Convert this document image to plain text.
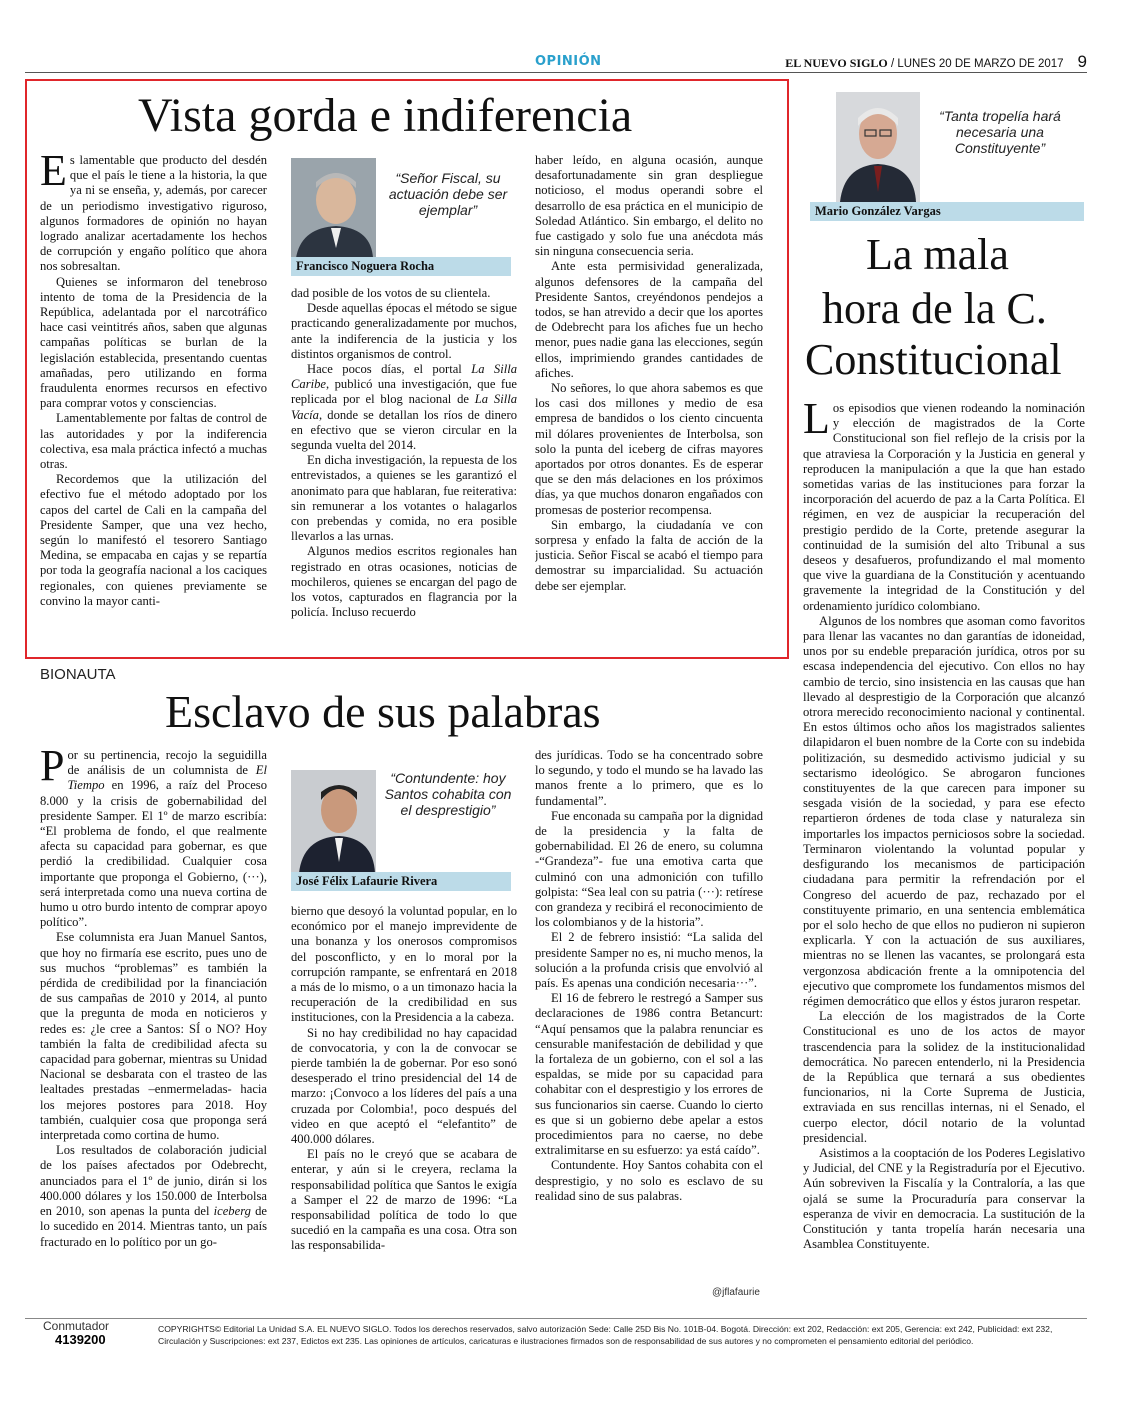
OPINIÓN	EL NUEVO SIGLO / LUNES 20 DE MARZO DE 2017 9
Vista gorda e indiferencia

Es lamentable que producto del desdén que el país le tiene a la historia, la que ya ni se enseña, y, además, por carecer de un periodismo investigativo riguroso, algunos formadores de opinión no hayan logrado analizar acertadamente los hechos de corrupción y engaño político que ahora nos sobresaltan.

Quienes se informaron del tenebroso intento de toma de la Presidencia de la República, adelantada por el narcotráfico hace casi veintitrés años, saben que algunas campañas políticas se burlan de la legislación establecida, presentando cuentas amañadas, pero utilizando en forma fraudulenta enormes recursos en efectivo para comprar votos y consciencias.

Lamentablemente por faltas de control de las autoridades y por la indiferencia colectiva, esa mala práctica infectó a muchas otras.

Recordemos que la utilización del efectivo fue el método adoptado por los capos del cartel de Cali en la campaña del Presidente Samper, que una vez hecho, según lo manifestó el tesorero Santiago Medina, se empacaba en cajas y se repartía por toda la geografía nacional a los caciques regionales, con quienes previamente se convino la mayor canti-

“Señor Fiscal, su actuación debe ser ejemplar”
Francisco Noguera Rocha

dad posible de los votos de su clientela.

Desde aquellas épocas el método se sigue practicando generalizadamente por muchos, ante la indiferencia de la justicia y los distintos organismos de control.

Hace pocos días, el portal La Silla Caribe, publicó una investigación, que fue replicada por el blog nacional de La Silla Vacía, donde se detallan los ríos de dinero en efectivo que se vieron circular en la segunda vuelta del 2014.

En dicha investigación, la repuesta de los entrevistados, a quienes se les garantizó el anonimato para que hablaran, fue reiterativa: sin remunerar a los votantes o halagarlos con prebendas y comida, no era posible llevarlos a las urnas.

Algunos medios escritos regionales han registrado en otras ocasiones, noticias de mochileros, quienes se encargan del pago de los votos, capturados en flagrancia por la policía. Incluso recuerdo

haber leído, en alguna ocasión, aunque desafortunadamente sin gran despliegue noticioso, el modus operandi sobre el desarrollo de esa práctica en el municipio de Soledad Atlántico. Sin embargo, el delito no fue castigado y solo fue una anécdota más sin ninguna consecuencia seria.

Ante esta permisividad generalizada, algunos defensores de la campaña del Presidente Santos, creyéndonos pendejos a todos, se han atrevido a decir que los aportes de Odebrecht para los afiches fue un hecho menor, pues nadie gana las elecciones, según ellos, imprimiendo grandes cantidades de afiches.

No señores, lo que ahora sabemos es que los casi dos millones y medio de esa empresa de bandidos o los ciento cincuenta mil dólares provenientes de Interbolsa, son solo la punta del iceberg de cifras mayores aportados por otros donantes. Es de esperar que se den más delaciones en los próximos días, ya que muchos donaron engañados con promesas de posterior recompensa.

Sin embargo, la ciudadanía ve con sorpresa y enfado la falta de acción de la justicia. Señor Fiscal se acabó el tiempo para demostrar su imparcialidad. Su actuación debe ser ejemplar.

BIONAUTA
Esclavo de sus palabras

Por su pertinencia, recojo la seguidilla de análisis de un columnista de El Tiempo en 1996, a raíz del Proceso 8.000 y la crisis de gobernabilidad del presidente Samper. El 1º de marzo escribía: “El problema de fondo, el que realmente afecta su capacidad para gobernar, es que perdió la credibilidad. Cualquier cosa importante que proponga el Gobierno, (···), será interpretada como una nueva cortina de humo u otro burdo intento de comprar apoyo político”.

Ese columnista era Juan Manuel Santos, que hoy no firmaría ese escrito, pues uno de sus muchos “problemas” es también la pérdida de credibilidad por la financiación de sus campañas de 2010 y 2014, al punto que la pregunta de moda en noticieros y redes es: ¿le cree a Santos: SÍ o NO? Hoy también la falta de credibilidad afecta su capacidad para gobernar, mientras su Unidad Nacional se desbarata con el trasteo de las lealtades prestadas –enmermeladas- hacia los mejores postores para 2018. Hoy también, cualquier cosa que proponga será interpretada como cortina de humo.

Los resultados de colaboración judicial de los países afectados por Odebrecht, anunciados para el 1º de junio, dirán si los 400.000 dólares y los 150.000 de Interbolsa en 2010, son apenas la punta del iceberg de lo sucedido en 2014. Mientras tanto, un país fracturado en lo político por un go-

“Contundente: hoy Santos cohabita con el desprestigio”
José Félix Lafaurie Rivera

bierno que desoyó la voluntad popular, en lo económico por el manejo imprevidente de una bonanza y los onerosos compromisos del posconflicto, y en lo moral por la corrupción rampante, se enfrentará en 2018 a más de lo mismo, o a un timonazo hacia la recuperación de la credibilidad en sus instituciones, con la Presidencia a la cabeza.

Si no hay credibilidad no hay capacidad de convocatoria, y con la de convocar se pierde también la de gobernar. Por eso sonó desesperado el trino presidencial del 14 de marzo: ¡Convoco a los líderes del país a una cruzada por Colombia!, poco después del video en que aceptó el “elefantito” de 400.000 dólares.

El país no le creyó que se acabara de enterar, y aún si le creyera, reclama la responsabilidad política que Santos le exigía a Samper el 22 de marzo de 1996: “La responsabilidad política de todo lo que sucedió en la campaña es una cosa. Otra son las responsabilida-

des jurídicas. Todo se ha concentrado sobre lo segundo, y todo el mundo se ha lavado las manos frente a lo primero, que es lo fundamental”.

Fue enconada su campaña por la dignidad de la presidencia y la falta de gobernabilidad. El 26 de enero, su columna -“Grandeza”- fue una emotiva carta que culminó con una admonición con tufillo golpista: “Sea leal con su patria (···): retírese con grandeza y recibirá el reconocimiento de los colombianos y de la historia”.

El 2 de febrero insistió: “La salida del presidente Samper no es, ni mucho menos, la solución a la profunda crisis que envolvió al país. Es apenas una condición necesaria···”.

El 16 de febrero le restregó a Samper sus declaraciones de 1986 contra Betancurt: “Aquí pensamos que la palabra renunciar es censurable manifestación de debilidad y que la fortaleza de un gobierno, con el sol a las espaldas, se mide por su capacidad para cohabitar con el desprestigio y los errores de sus funcionarios sin caerse. Cuando lo cierto es que si un gobierno debe apelar a estos procedimientos para no caerse, no debe extralimitarse en su esfuerzo: ya está caído”.

Contundente. Hoy Santos cohabita con el desprestigio, y no solo es esclavo de su realidad sino de sus palabras.

@jflafaurie
“Tanta tropelía hará necesaria una Constituyente”
Mario González Vargas
La mala
hora de la C.
Constitucional

Los episodios que vienen rodeando la nominación y elección de magistrados de la Corte Constitucional son fiel reflejo de la crisis por la que atraviesa la Corporación y la Justicia en general y reproducen la manipulación a que la que han estado sometidas varias de las instituciones para forzar la incorporación del acuerdo de paz a la Carta Política. El régimen, en vez de auspiciar la recuperación del prestigio perdido de la Corte, pretende asegurar la continuidad de la sumisión del alto Tribunal a sus deseos y desafueros, profundizando el mal momento que vive la guardiana de la Constitución y acentuando gravemente la integridad de la Constitución y del ordenamiento jurídico colombiano.

Algunos de los nombres que asoman como favoritos para llenar las vacantes no dan garantías de idoneidad, unos por su endeble preparación jurídica, otros por su escasa independencia del ejecutivo. Con ellos no hay cambio de tercio, sino insistencia en las causas que han llevado al desprestigio de la Corporación que alcanzó otrora merecido reconocimiento nacional y continental. En estos últimos ocho años los magistrados salientes dilapidaron el buen nombre de la Corte con su indebida politización, su desmedido activismo judicial y su sectarismo ideológico. Se abrogaron funciones constituyentes de la que carecen para imponer su sesgada visión de la sociedad, y para ese efecto repartieron órdenes de toda clase y naturaleza sin importarles los impactos perniciosos sobre la sociedad. Terminaron violentando la voluntad popular y desfigurando los mecanismos de participación ciudadana para permitir la refrendación por el Congreso del acuerdo de paz, rechazado por el constituyente primario, en una sentencia emblemática por el solo hecho de que ellos no pudieron ni supieron explicarla. Y con la actuación de sus auxiliares, mientras no se llenen las vacantes, se prolongará esta vergonzosa abdicación frente a la omnipotencia del ejecutivo que compromete los fundamentos mismos del régimen democrático que ellos y éstos juraron respetar.

La elección de los magistrados de la Corte Constitucional es uno de los actos de mayor trascendencia para la solidez de la institucionalidad democrática. No parecen entenderlo, ni la Presidencia de la República que ternará a sus obedientes funcionarios, ni la Corte Suprema de Justicia, extraviada en sus rencillas internas, ni el Senado, el cuerpo elector, dócil notario de la voluntad presidencial.

Asistimos a la cooptación de los Poderes Legislativo y Judicial, del CNE y la Registraduría por el Ejecutivo. Aún sobreviven la Fiscalía y la Contraloría, a las que ojalá se sume la Procuraduría para conservar la esperanza de vivir en democracia. La sustitución de la Constitución y tanta tropelía harán necesaria una Asamblea Constituyente.

Conmutador
4139200
COPYRIGHTS© Editorial La Unidad S.A. EL NUEVO SIGLO. Todos los derechos reservados, salvo autorización Sede: Calle 25D Bis No. 101B-04. Bogotá. Dirección: ext 202, Redacción: ext 205, Gerencia: ext 242, Publicidad: ext 232,
Circulación y Suscripciones: ext 237, Edictos ext 235. Las opiniones de artículos, caricaturas e ilustraciones firmados son de responsabilidad de sus autores y no comprometen el pensamiento editorial del periódico.
